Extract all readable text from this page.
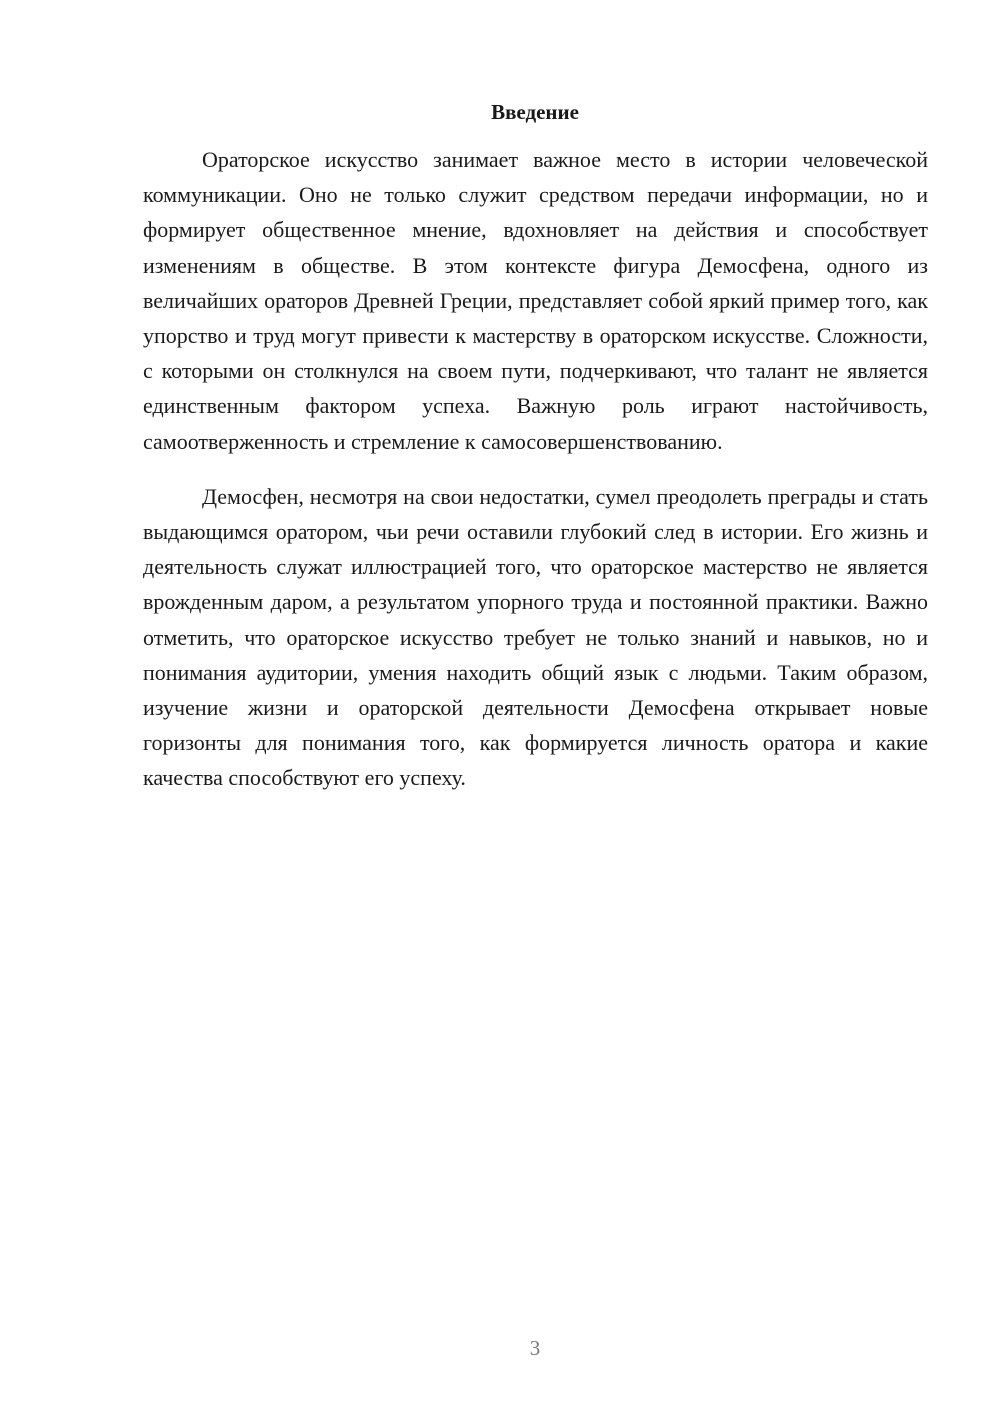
Введение

Ораторское искусство занимает важное место в истории человеческой коммуникации. Оно не только служит средством передачи информации, но и формирует общественное мнение, вдохновляет на действия и способствует изменениям в обществе. В этом контексте фигура Демосфена, одного из величайших ораторов Древней Греции, представляет собой яркий пример того, как упорство и труд могут привести к мастерству в ораторском искусстве. Сложности, с которыми он столкнулся на своем пути, подчеркивают, что талант не является единственным фактором успеха. Важную роль играют настойчивость, самоотверженность и стремление к самосовершенствованию.

Демосфен, несмотря на свои недостатки, сумел преодолеть преграды и стать выдающимся оратором, чьи речи оставили глубокий след в истории. Его жизнь и деятельность служат иллюстрацией того, что ораторское мастерство не является врожденным даром, а результатом упорного труда и постоянной практики. Важно отметить, что ораторское искусство требует не только знаний и навыков, но и понимания аудитории, умения находить общий язык с людьми. Таким образом, изучение жизни и ораторской деятельности Демосфена открывает новые горизонты для понимания того, как формируется личность оратора и какие качества способствуют его успеху.

3
